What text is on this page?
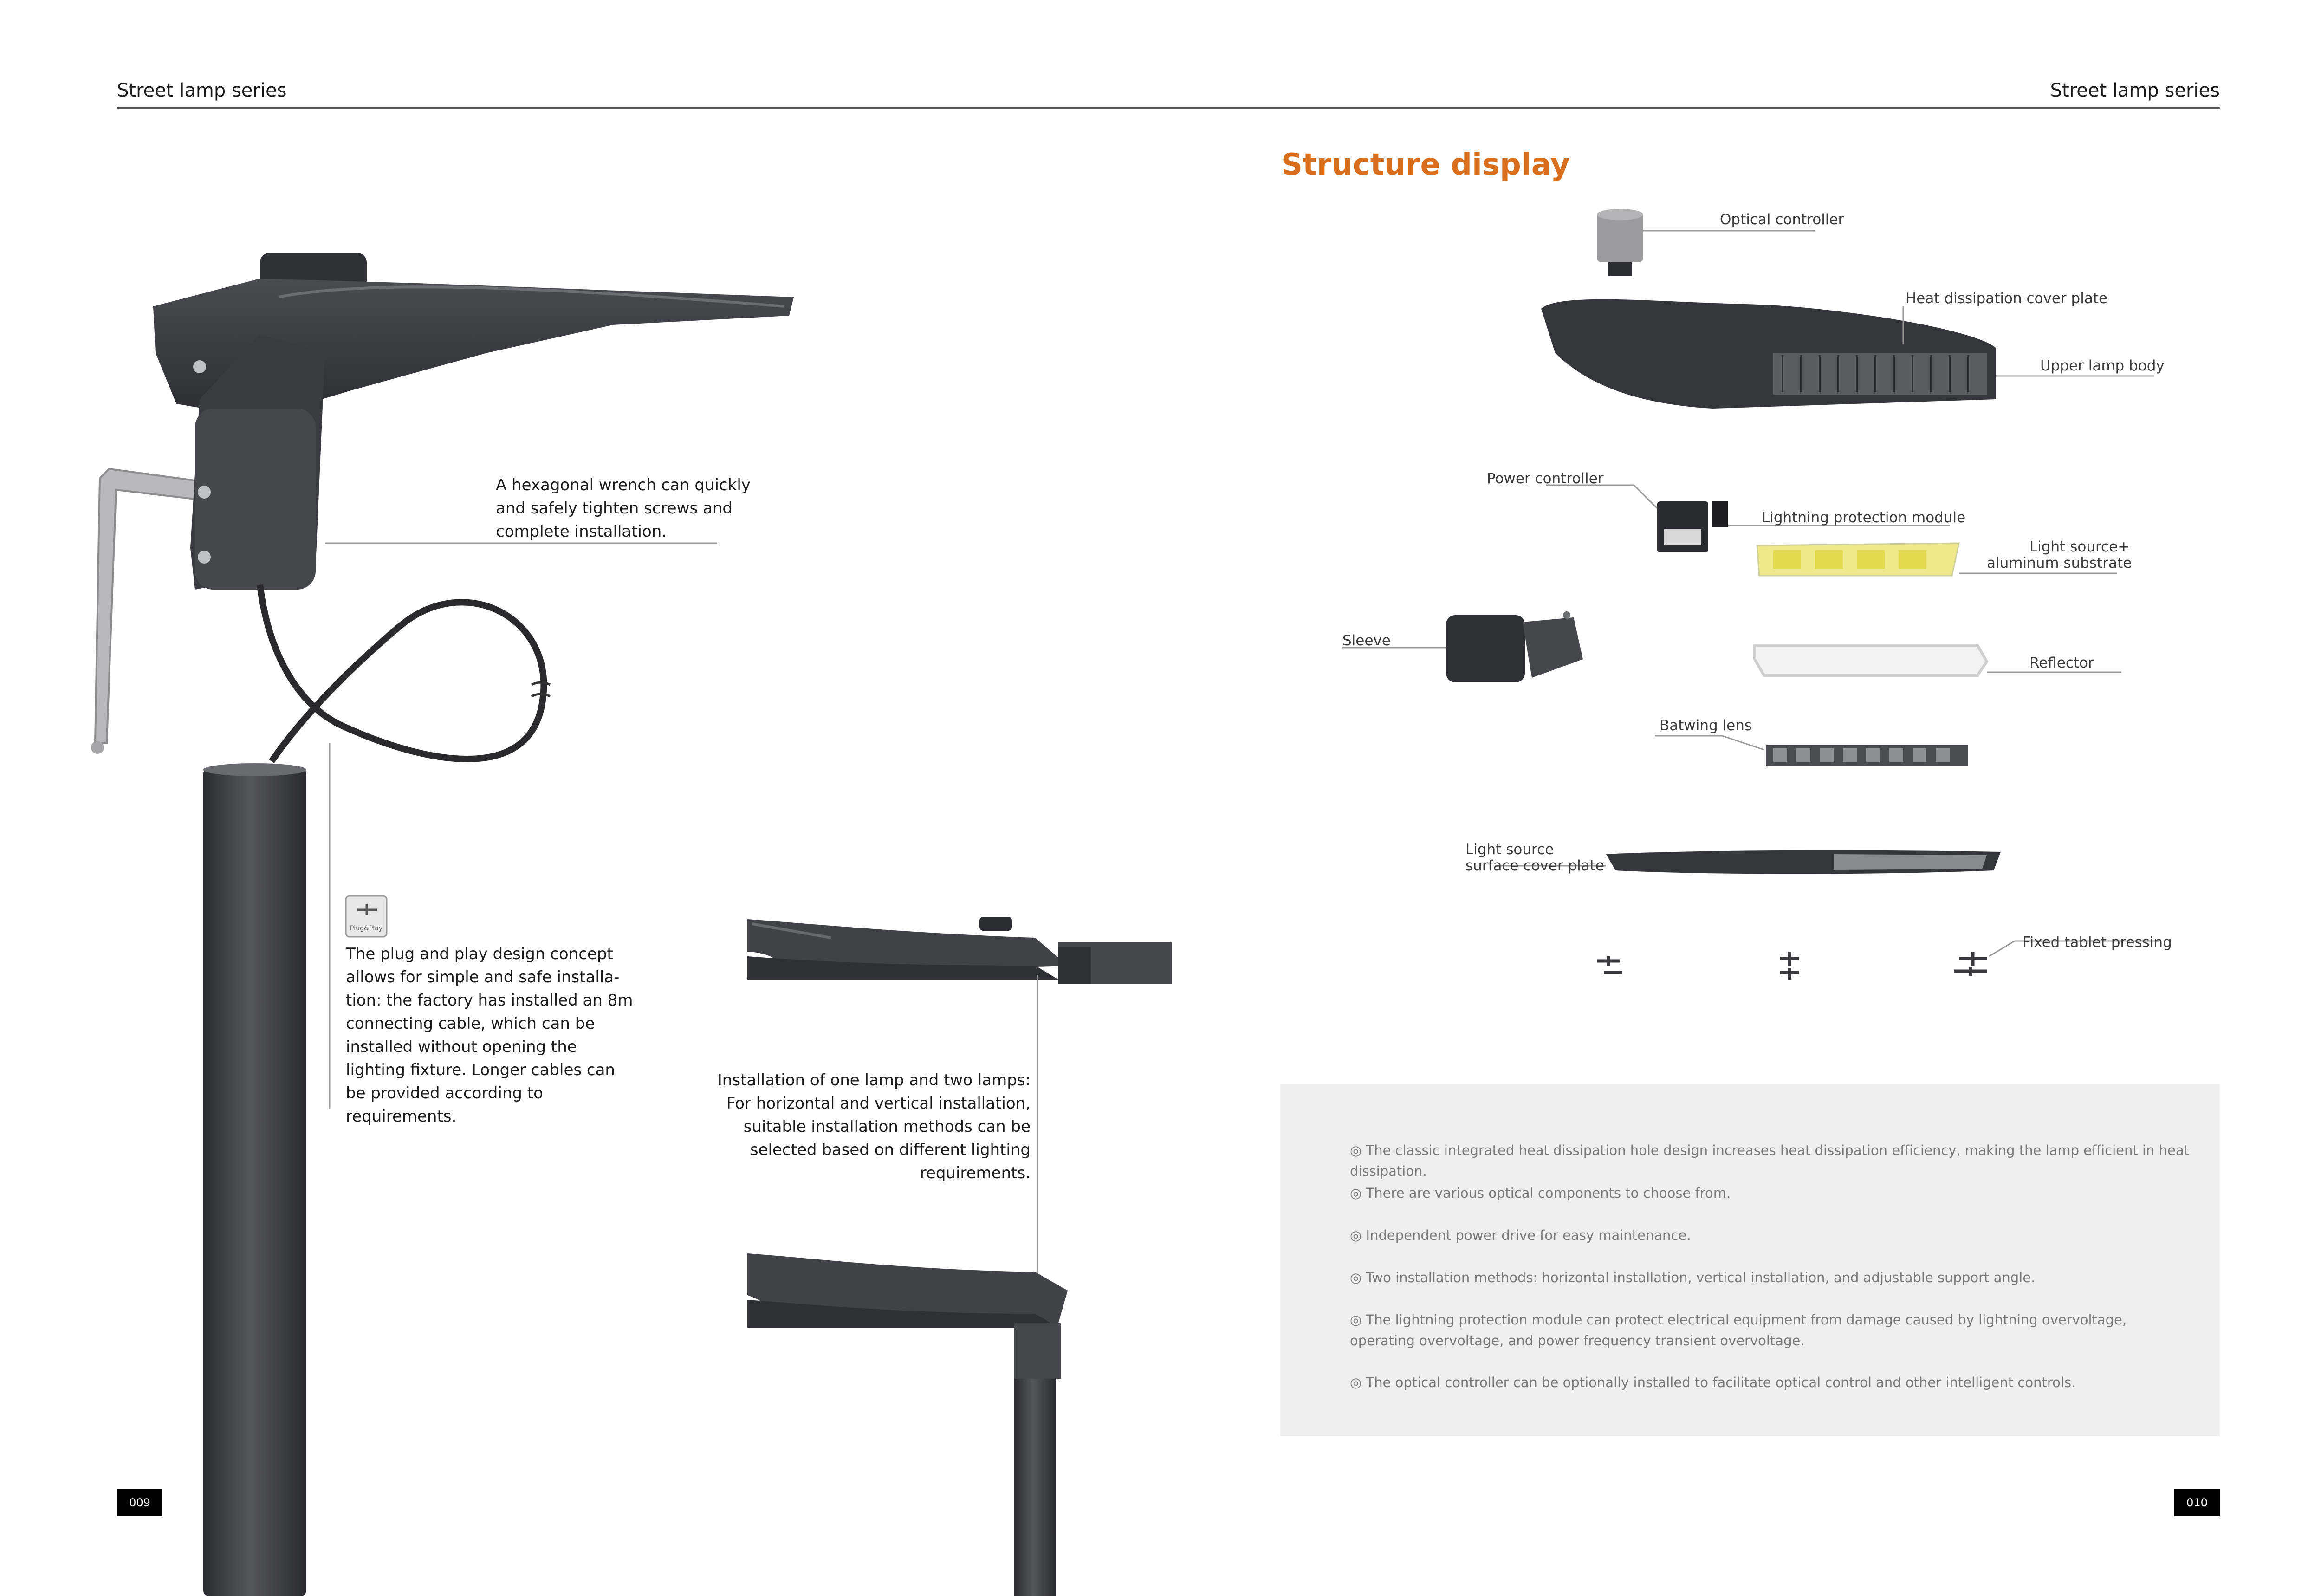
Street lamp series	Street lamp series
Plug&Play
A hexagonal wrench can quickly and safely tighten screws and complete installation.
The plug and play design concept allows for simple and safe installa-tion: the factory has installed an 8m connecting cable, which can be installed without opening the lighting fixture. Longer cables can be provided according to requirements.
Installation of one lamp and two lamps:
For horizontal and vertical installation, suitable installation methods can be selected based on different lighting requirements.
Structure display
Optical controller
Heat dissipation cover plate
Upper lamp body
Power controller
Lightning protection module
Light source+
aluminum substrate
Sleeve
Reflector
Batwing lens
Light source
surface cover plate
Fixed tablet pressing
◎ The classic integrated heat dissipation hole design increases heat dissipation efficiency, making the lamp efficient in heat dissipation.
◎ There are various optical components to choose from.
◎ Independent power drive for easy maintenance.
◎ Two installation methods: horizontal installation, vertical installation, and adjustable support angle.
◎ The lightning protection module can protect electrical equipment from damage caused by lightning overvoltage, operating overvoltage, and power frequency transient overvoltage.
◎ The optical controller can be optionally installed to facilitate optical control and other intelligent controls.
009	010
